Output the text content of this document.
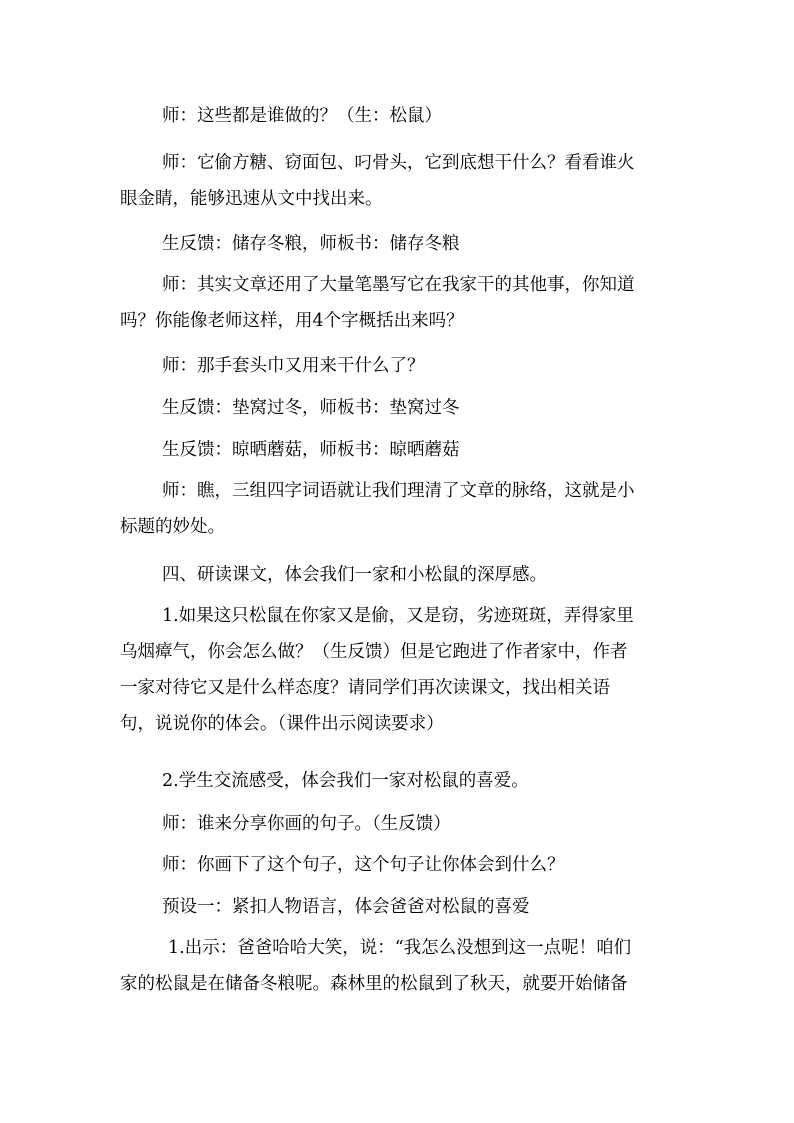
师：这些都是谁做的？（生：松鼠）
师：它偷方糖、窃面包、叼骨头，它到底想干什么？看看谁火
眼金睛，能够迅速从文中找出来。
生反馈：储存冬粮，师板书：储存冬粮
师：其实文章还用了大量笔墨写它在我家干的其他事，你知道
吗？你能像老师这样，用4个字概括出来吗？
师：那手套头巾又用来干什么了？
生反馈：垫窝过冬，师板书：垫窝过冬
生反馈：晾晒蘑菇，师板书：晾晒蘑菇
师：瞧，三组四字词语就让我们理清了文章的脉络，这就是小
标题的妙处。
四、研读课文，体会我们一家和小松鼠的深厚感。
1.如果这只松鼠在你家又是偷，又是窃，劣迹斑斑，弄得家里
乌烟瘴气，你会怎么做？（生反馈）但是它跑进了作者家中，作者
一家对待它又是什么样态度？请同学们再次读课文，找出相关语
句，说说你的体会。（课件出示阅读要求）
2.学生交流感受，体会我们一家对松鼠的喜爱。
师：谁来分享你画的句子。（生反馈）
师：你画下了这个句子，这个句子让你体会到什么？
预设一：紧扣人物语言，体会爸爸对松鼠的喜爱
1.出示：爸爸哈哈大笑，说：“我怎么没想到这一点呢！咱们
家的松鼠是在储备冬粮呢。森林里的松鼠到了秋天，就要开始储备
